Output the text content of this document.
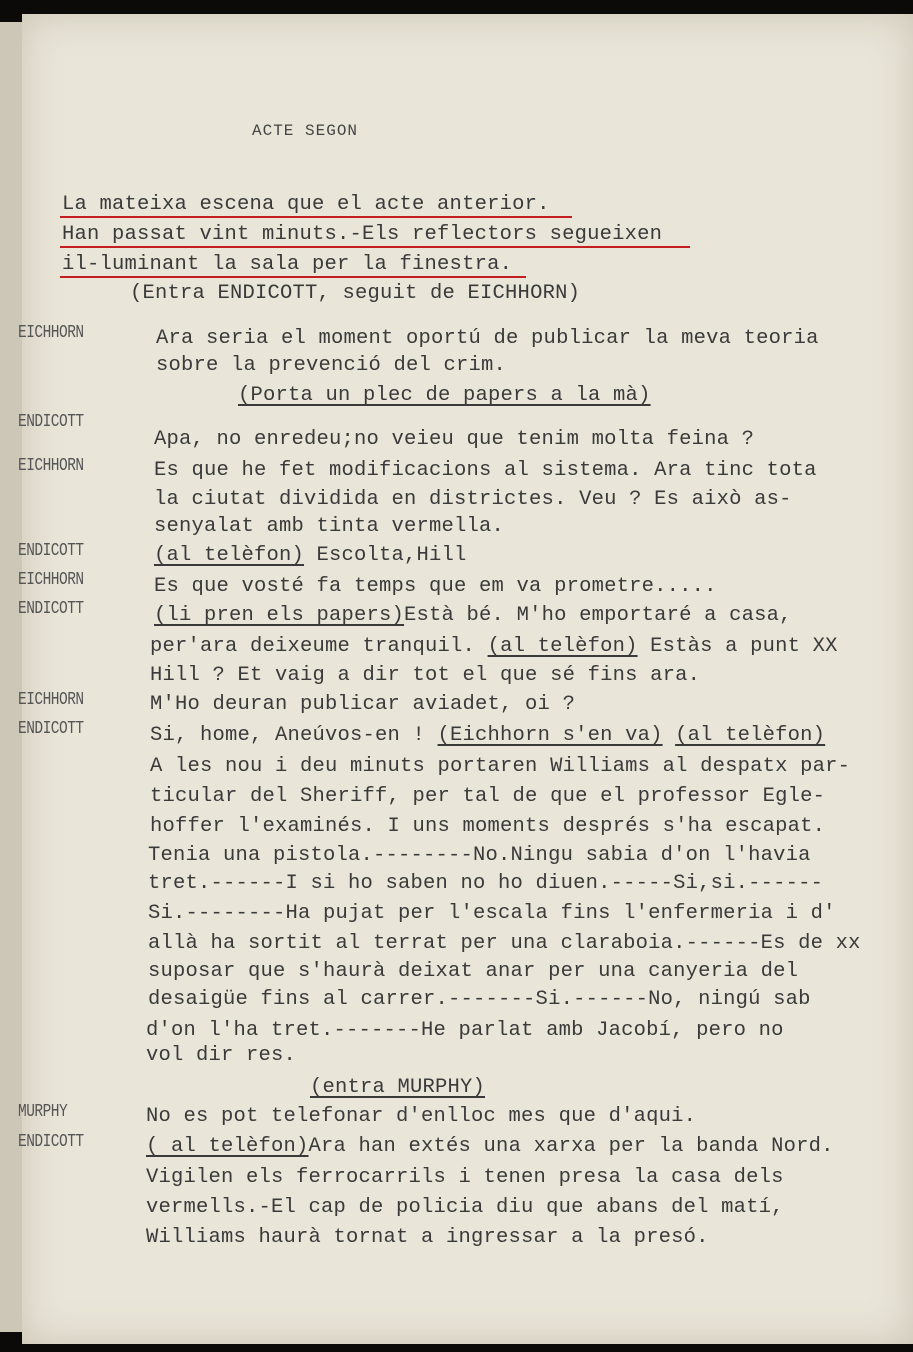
ACTE SEGON
La mateixa escena que el acte anterior.
Han passat vint minuts.-Els reflectors segueixen
il-luminant la sala per la finestra.
(Entra ENDICOTT, seguit de EICHHORN)
EICHHORN
ENDICOTT
EICHHORN
ENDICOTT
EICHHORN
ENDICOTT
EICHHORN
ENDICOTT
MURPHY
ENDICOTT
Ara seria el moment oportú de publicar la meva teoria
sobre la prevenció del crim.
(Porta un plec de papers a la mà)
Apa, no enredeu;no veieu que tenim molta feina ?
Es que he fet modificacions al sistema. Ara tinc tota
la ciutat dividida en districtes. Veu ? Es això as-
senyalat amb tinta vermella.
(al telèfon) Escolta,Hill
Es que vosté fa temps que em va prometre.....
(li pren els papers)Està bé. M'ho emportaré a casa,
per'ara deixeume tranquil. (al telèfon) Estàs a punt XX
Hill ? Et vaig a dir tot el que sé fins ara.
M'Ho deuran publicar aviadet, oi ?
Si, home, Aneúvos-en ! (Eichhorn s'en va) (al telèfon)
A les nou i deu minuts portaren Williams al despatx par-
ticular del Sheriff, per tal de que el professor Egle-
hoffer l'examinés. I uns moments després s'ha escapat.
Tenia una pistola.--------No.Ningu sabia d'on l'havia
tret.------I si ho saben no ho diuen.-----Si,si.------
Si.--------Ha pujat per l'escala fins l'enfermeria i d'
allà ha sortit al terrat per una claraboia.------Es de xx
suposar que s'haurà deixat anar per una canyeria del
desaigüe fins al carrer.-------Si.------No, ningú sab
d'on l'ha tret.-------He parlat amb Jacobí, pero no
vol dir res.
(entra MURPHY)
No es pot telefonar d'enlloc mes que d'aqui.
( al telèfon)Ara han extés una xarxa per la banda Nord.
Vigilen els ferrocarrils i tenen presa la casa dels
vermells.-El cap de policia diu que abans del matí,
Williams haurà tornat a ingressar a la presó.
